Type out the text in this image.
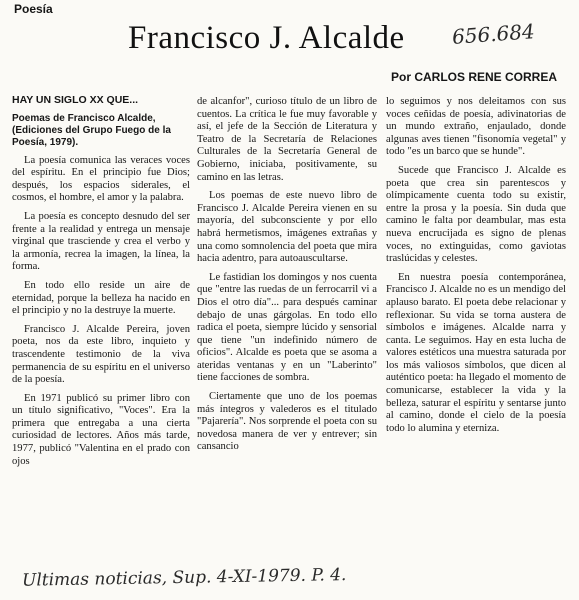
Poesía
Francisco J. Alcalde 656.684
Por CARLOS RENE CORREA

HAY UN SIGLO XX QUE...

Poemas de Francisco Alcalde, (Ediciones del Grupo Fuego de la Poesía, 1979).

La poesía comunica las veraces voces del espíritu. En el principio fue Dios; después, los espacios siderales, el cosmos, el hombre, el amor y la palabra.

La poesía es concepto desnudo del ser frente a la realidad y entrega un mensaje virginal que trasciende y crea el verbo y la armonía, recrea la imagen, la línea, la forma.

En todo ello reside un aire de eternidad, porque la belleza ha nacido en el principio y no la destruye la muerte.

Francisco J. Alcalde Pereira, joven poeta, nos da este libro, inquieto y trascendente testimonio de la viva permanencia de su espíritu en el universo de la poesía.

En 1971 publicó su primer libro con un título significativo, "Voces". Era la primera que entregaba a una cierta curiosidad de lectores. Años más tarde, 1977, publicó "Valentina en el prado con ojos

de alcanfor", curioso título de un libro de cuentos. La crítica le fue muy favorable y así, el jefe de la Sección de Literatura y Teatro de la Secretaría de Relaciones Culturales de la Secretaría General de Gobierno, iniciaba, positivamente, su camino en las letras.

Los poemas de este nuevo libro de Francisco J. Alcalde Pereira vienen en su mayoría, del subconsciente y por ello habrá hermetismos, imágenes extrañas y una como somnolencia del poeta que mira hacia adentro, para autoauscultarse.

Le fastidian los domingos y nos cuenta que "entre las ruedas de un ferrocarril vi a Dios el otro día"... para después caminar debajo de unas gárgolas. En todo ello radica el poeta, siempre lúcido y sensorial que tiene "un indefinido número de oficios". Alcalde es poeta que se asoma a ateridas ventanas y en un "Laberinto" tiene facciones de sombra.

Ciertamente que uno de los poemas más íntegros y valederos es el titulado "Pajarería". Nos sorprende el poeta con su novedosa manera de ver y entrever; sin cansancio

lo seguimos y nos deleitamos con sus voces ceñidas de poesía, adivinatorias de un mundo extraño, enjaulado, donde algunas aves tienen "fisonomía vegetal" y todo "es un barco que se hunde".

Sucede que Francisco J. Alcalde es poeta que crea sin parentescos y olímpicamente cuenta todo su existir, entre la prosa y la poesía. Sin duda que camino le falta por deambular, mas esta nueva encrucijada es signo de plenas voces, no extinguidas, como gaviotas traslúcidas y celestes.

En nuestra poesía contemporánea, Francisco J. Alcalde no es un mendigo del aplauso barato. El poeta debe relacionar y reflexionar. Su vida se torna austera de símbolos e imágenes. Alcalde narra y canta. Le seguimos. Hay en esta lucha de valores estéticos una muestra saturada por los más valiosos símbolos, que dicen al auténtico poeta: ha llegado el momento de comunicarse, establecer la vida y la belleza, saturar el espíritu y sentarse junto al camino, donde el cielo de la poesía todo lo alumina y eterniza.

Ultimas noticias, Sup. 4-XI-1979. P. 4.
